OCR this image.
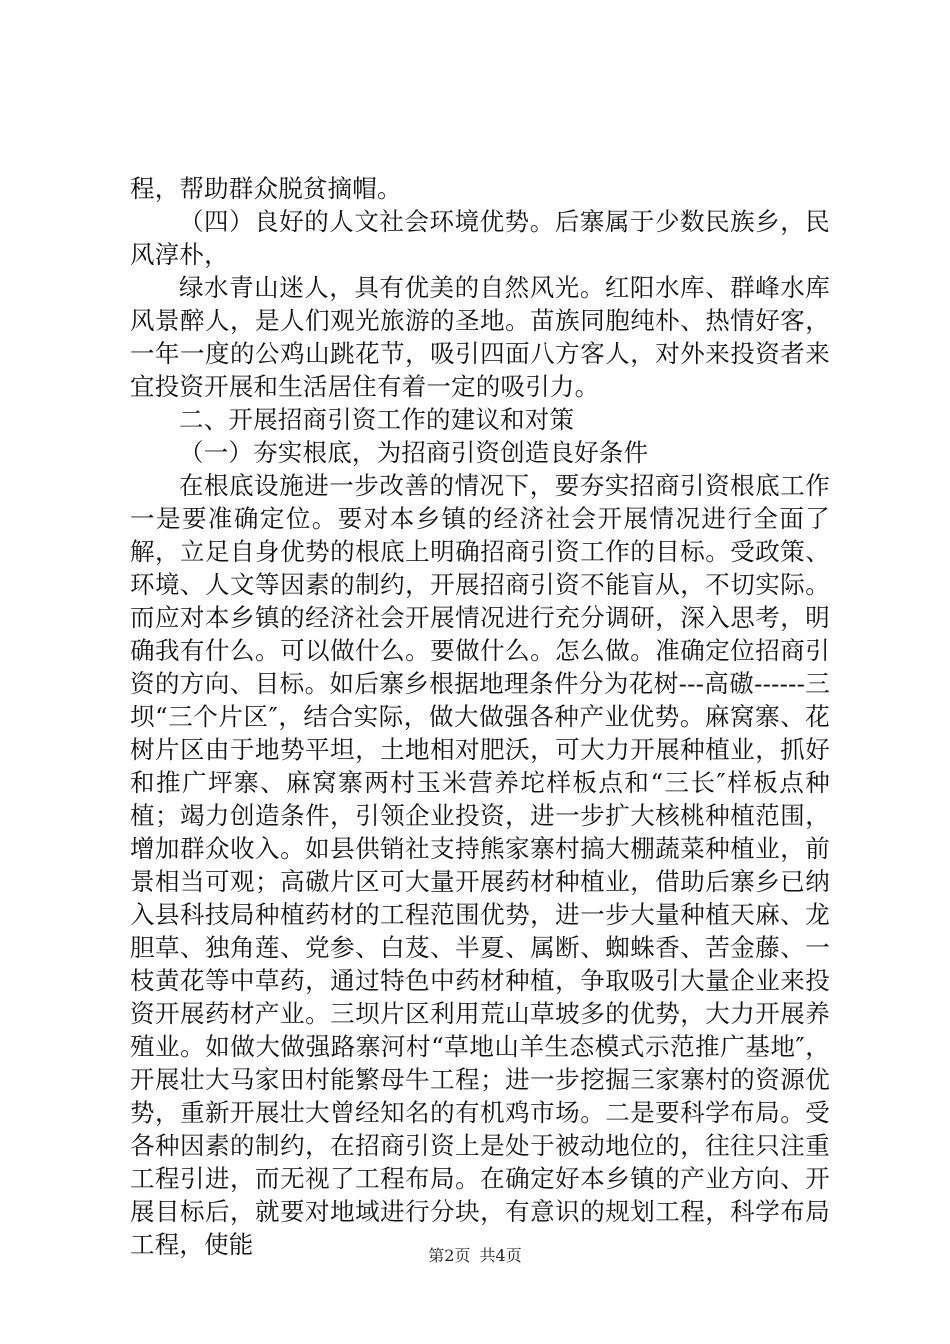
程，帮助群众脱贫摘帽。

（四）良好的人文社会环境优势。后寨属于少数民族乡，民风淳朴，

绿水青山迷人，具有优美的自然风光。红阳水库、群峰水库风景醉人，是人们观光旅游的圣地。苗族同胞纯朴、热情好客，一年一度的公鸡山跳花节，吸引四面八方客人，对外来投资者来宜投资开展和生活居住有着一定的吸引力。

二、开展招商引资工作的建议和对策

（一）夯实根底，为招商引资创造良好条件

在根底设施进一步改善的情况下，要夯实招商引资根底工作一是要准确定位。要对本乡镇的经济社会开展情况进行全面了解，立足自身优势的根底上明确招商引资工作的目标。受政策、环境、人文等因素的制约，开展招商引资不能盲从，不切实际。而应对本乡镇的经济社会开展情况进行充分调研，深入思考，明确我有什么。可以做什么。要做什么。怎么做。准确定位招商引资的方向、目标。如后寨乡根据地理条件分为花树---高磝------三坝“三个片区″，结合实际，做大做强各种产业优势。麻窝寨、花树片区由于地势平坦，土地相对肥沃，可大力开展种植业，抓好和推广坪寨、麻窝寨两村玉米营养坨样板点和“三长″样板点种植；竭力创造条件，引领企业投资，进一步扩大核桃种植范围，增加群众收入。如县供销社支持熊家寨村搞大棚蔬菜种植业，前景相当可观；高磝片区可大量开展药材种植业，借助后寨乡已纳入县科技局种植药材的工程范围优势，进一步大量种植天麻、龙胆草、独角莲、党参、白芨、半夏、属断、蜘蛛香、苦金藤、一枝黄花等中草药，通过特色中药材种植，争取吸引大量企业来投资开展药材产业。三坝片区利用荒山草坡多的优势，大力开展养殖业。如做大做强路寨河村“草地山羊生态模式示范推广基地″，开展壮大马家田村能繁母牛工程；进一步挖掘三家寨村的资源优势，重新开展壮大曾经知名的有机鸡市场。二是要科学布局。受各种因素的制约，在招商引资上是处于被动地位的，往往只注重工程引进，而无视了工程布局。在确定好本乡镇的产业方向、开展目标后，就要对地域进行分块，有意识的规划工程，科学布局工程，使能	第2页 共4页
